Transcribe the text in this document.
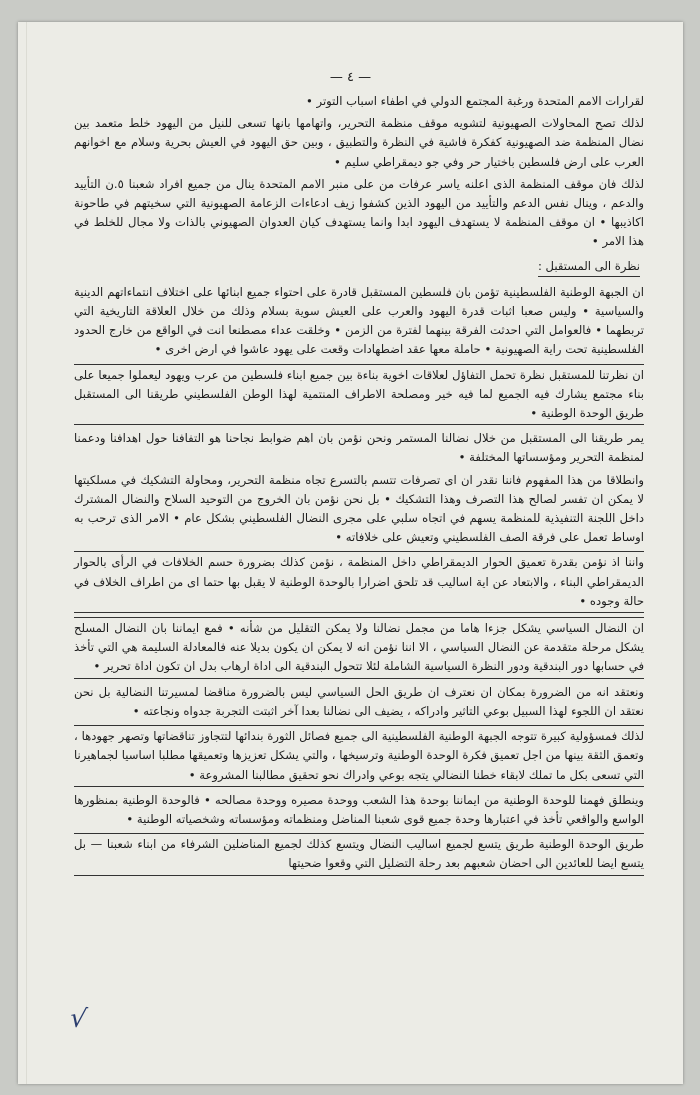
— ٤ —

لقرارات الامم المتحدة ورغبة المجتمع الدولي في اطفاء اسباب التوتر •

لذلك تصح المحاولات الصهيونية لتشويه موقف منظمة التحرير، واتهامها بانها تسعى للنيل من اليهود خلط متعمد بين نضال المنظمة ضد الصهيونية كفكرة فاشية في النظرة والتطبيق ، وبين حق اليهود في العيش بحرية وسلام مع اخوانهم العرب على ارض فلسطين باختيار حر وفي جو ديمقراطي سليم •

لذلك فان موقف المنظمة الذى اعلنه ياسر عرفات من على منبر الامم المتحدة ينال من جميع افراد شعبنا ٥.ن التأييد والدعم ، وينال نفس الدعم والتأييد من اليهود الذين كشفوا زيف ادعاءات الزعامة الصهيونية التي سخيتهم في طاحونة اكاذيبها • ان موقف المنظمة لا يستهدف اليهود ابدا وانما يستهدف كيان العدوان الصهيوني بالذات ولا مجال للخلط في هذا الامر •

نظرة الى المستقبل :

ان الجبهة الوطنية الفلسطينية تؤمن بان فلسطين المستقبل قادرة على احتواء جميع ابنائها على اختلاف انتماءاتهم الدينية والسياسية • وليس صعبا اثبات قدرة اليهود والعرب على العيش سوية بسلام وذلك من خلال العلاقة التاريخية التي تربطهما • فالعوامل التي احدثت الفرقة بينهما لفترة من الزمن • وخلقت عداء مصطنعا انت في الواقع من خارج الحدود الفلسطينية تحت راية الصهيونية • حاملة معها عقد اضطهادات وقعت على يهود عاشوا في ارض اخرى •

ان نظرتنا للمستقبل نظرة تحمل التفاؤل لعلاقات اخوية بناءة بين جميع ابناء فلسطين من عرب ويهود ليعملوا جميعا على بناء مجتمع يشارك فيه الجميع لما فيه خير ومصلحة الاطراف المنتمية لهذا الوطن الفلسطيني طريقنا الى المستقبل طريق الوحدة الوطنية •

يمر طريقنا الى المستقبل من خلال نضالنا المستمر ونحن نؤمن بان اهم ضوابط نجاحنا هو التفافنا حول اهدافنا ودعمنا لمنظمة التحرير ومؤسساتها المختلفة •

وانطلاقا من هذا المفهوم فاننا نقدر ان اى تصرفات تتسم بالتسرع تجاه منظمة التحرير، ومحاولة التشكيك في مسلكيتها لا يمكن ان تفسر لصالح هذا التصرف وهذا التشكيك • بل نحن نؤمن بان الخروج من التوحيد السلاح والنضال المشترك داخل اللجنة التنفيذية للمنظمة يسهم في اتجاه سلبي على مجرى النضال الفلسطيني بشكل عام • الامر الذى ترحب به اوساط تعمل على فرقة الصف الفلسطيني وتعيش على خلافاته •

واننا اذ نؤمن بقدرة تعميق الحوار الديمقراطي داخل المنظمة ، نؤمن كذلك بضرورة حسم الخلافات في الرأى بالحوار الديمقراطي البناء ، والابتعاد عن اية اساليب قد تلحق اضرارا بالوحدة الوطنية لا يقبل بها حتما اى من اطراف الخلاف في حالة وجوده •

ان النضال السياسي يشكل جزءا هاما من مجمل نضالنا ولا يمكن التقليل من شأنه • فمع ايماننا بان النضال المسلح يشكل مرحلة متقدمة عن النضال السياسي ، الا اننا نؤمن انه لا يمكن ان يكون بديلا عنه فالمعادلة السليمة هي التي تأخذ في حسابها دور البندقية ودور النظرة السياسية الشاملة لئلا تتحول البندقية الى اداة ارهاب بدل ان تكون اداة تحرير •

ونعتقد انه من الضرورة بمكان ان نعترف ان طريق الحل السياسي ليس بالضرورة مناقضا لمسيرتنا النضالية بل نحن نعتقد ان اللجوء لهذا السبيل بوعي التاثير وادراكه ، يضيف الى نضالنا بعدا آخر اثبتت التجربة جدواه ونجاعته •

لذلك فمسؤولية كبيرة تتوجه الجبهة الوطنية الفلسطينية الى جميع فصائل الثورة بندائها لتتجاوز تناقضاتها وتصهر جهودها ، وتعمق الثقة بينها من اجل تعميق فكرة الوحدة الوطنية وترسيخها ، والتي يشكل تعزيزها وتعميقها مطلبا اساسيا لجماهيرنا التي تسعى بكل ما تملك لابقاء خطنا النضالي يتجه بوعي وادراك نحو تحقيق مطالبنا المشروعة •

وينطلق فهمنا للوحدة الوطنية من ايماننا بوحدة هذا الشعب ووحدة مصيره ووحدة مصالحه • فالوحدة الوطنية بمنظورها الواسع والواقعي تأخذ في اعتبارها وحدة جميع قوى شعبنا المناضل ومنظماته ومؤسساته وشخصياته الوطنية •

طريق الوحدة الوطنية طريق يتسع لجميع اساليب النضال ويتسع كذلك لجميع المناضلين الشرفاء من ابناء شعبنا — بل يتسع ايضا للعائدين الى احضان شعبهم بعد رحلة التضليل التي وقعوا ضحيتها

√
